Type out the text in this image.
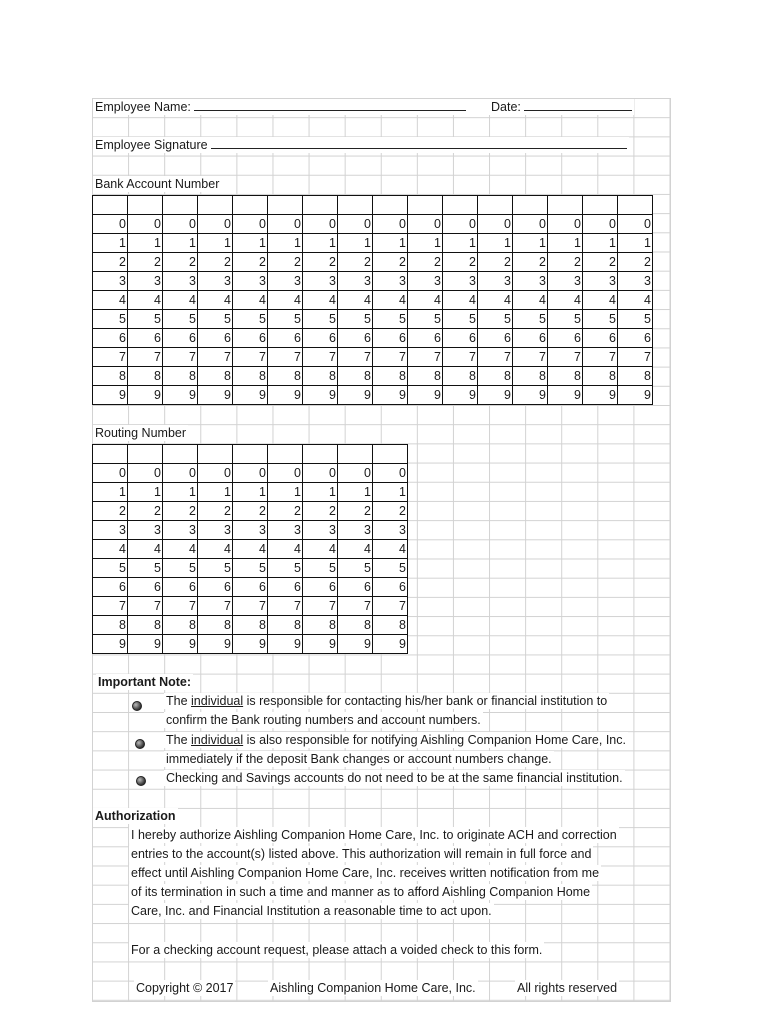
Employee Name:	Date:
Employee Signature
Bank Account Number

0	0	0	0	0	0	0	0	0	0	0	0	0	0	0	0
1	1	1	1	1	1	1	1	1	1	1	1	1	1	1	1
2	2	2	2	2	2	2	2	2	2	2	2	2	2	2	2
3	3	3	3	3	3	3	3	3	3	3	3	3	3	3	3
4	4	4	4	4	4	4	4	4	4	4	4	4	4	4	4
5	5	5	5	5	5	5	5	5	5	5	5	5	5	5	5
6	6	6	6	6	6	6	6	6	6	6	6	6	6	6	6
7	7	7	7	7	7	7	7	7	7	7	7	7	7	7	7
8	8	8	8	8	8	8	8	8	8	8	8	8	8	8	8
9	9	9	9	9	9	9	9	9	9	9	9	9	9	9	9
Routing Number

0	0	0	0	0	0	0	0	0
1	1	1	1	1	1	1	1	1
2	2	2	2	2	2	2	2	2
3	3	3	3	3	3	3	3	3
4	4	4	4	4	4	4	4	4
5	5	5	5	5	5	5	5	5
6	6	6	6	6	6	6	6	6
7	7	7	7	7	7	7	7	7
8	8	8	8	8	8	8	8	8
9	9	9	9	9	9	9	9	9
Important Note:
The individual is responsible for contacting his/her bank or financial institution to
confirm the Bank routing numbers and account numbers.
The individual is also responsible for notifying Aishling Companion Home Care, Inc.
immediately if the deposit Bank changes or account numbers change.
Checking and Savings accounts do not need to be at the same financial institution.
Authorization
I hereby authorize Aishling Companion Home Care, Inc. to originate ACH and correction
entries to the account(s) listed above. This authorization will remain in full force and
effect until Aishling Companion Home Care, Inc. receives written notification from me
of its termination in such a time and manner as to afford Aishling Companion Home
Care, Inc. and Financial Institution a reasonable time to act upon.
For a checking account request, please attach a voided check to this form.
Copyright © 2017	Aishling Companion Home Care, Inc.	All rights reserved
